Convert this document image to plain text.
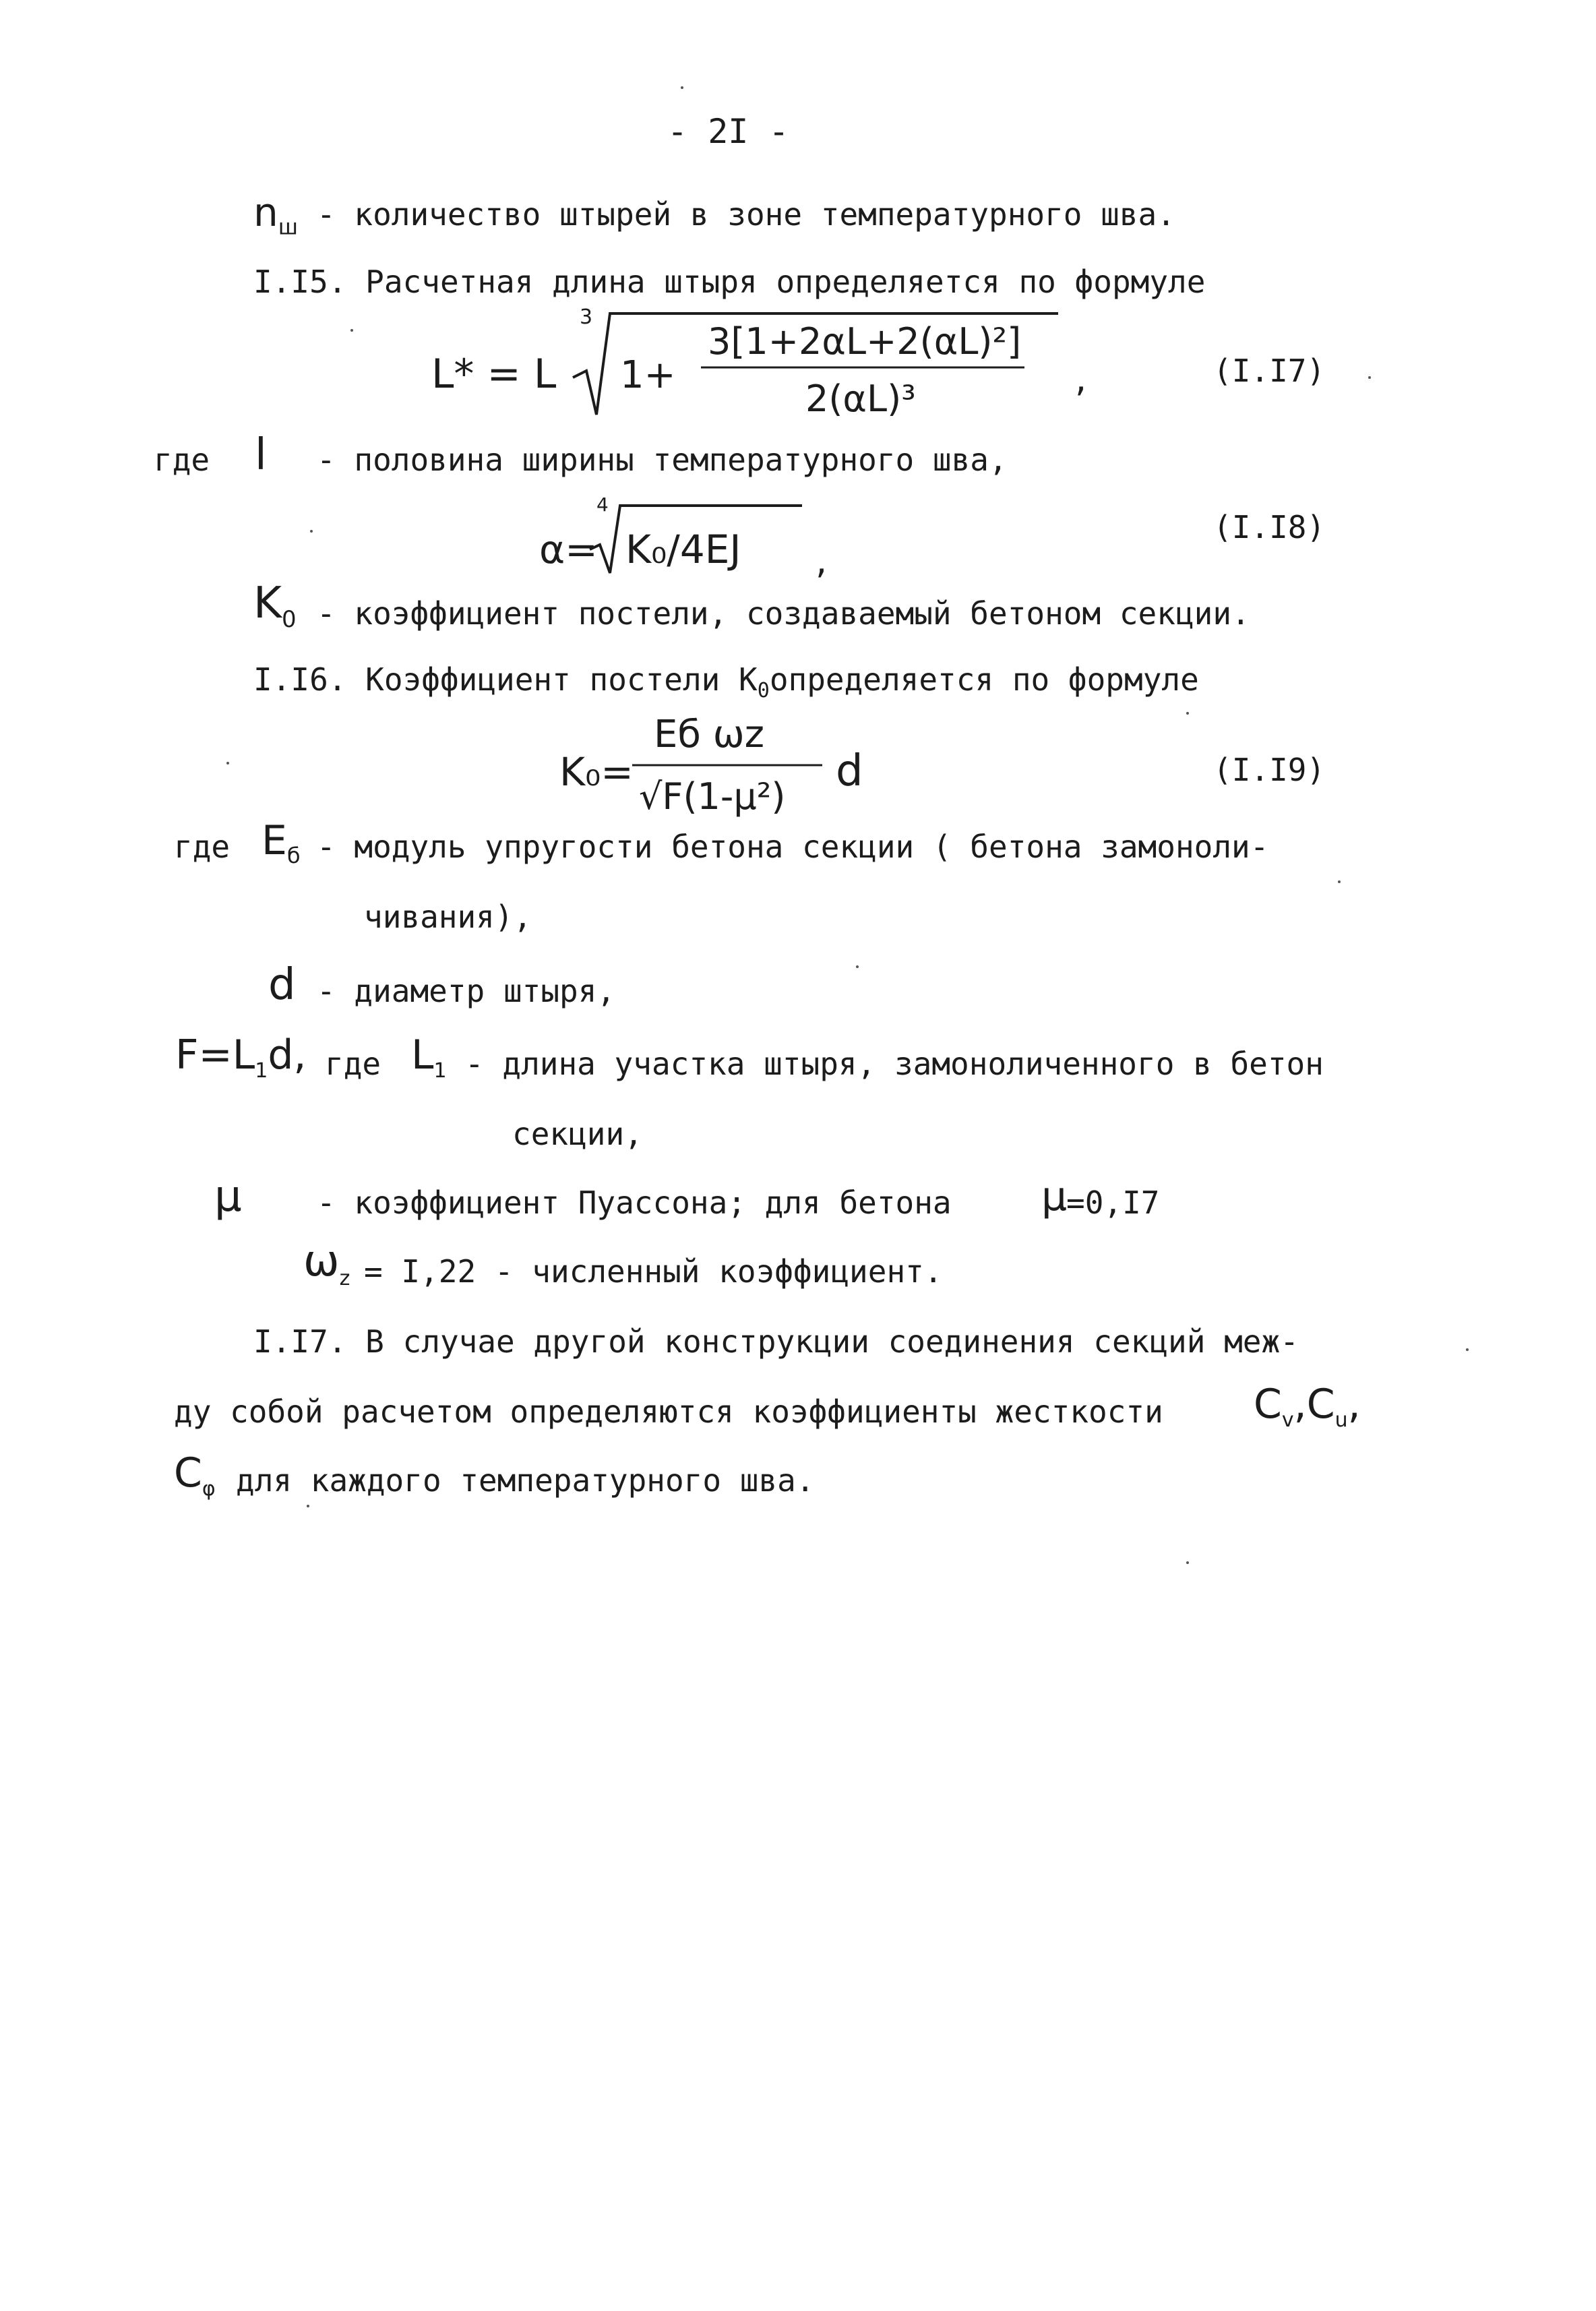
- 2I -
$n_ш$ - количество штырей в зоне температурного шва.
I.I5. Расчетная длина штыря определяется по формуле
L* = L
3
1+
3[1+2αL+2(αL)²]
2(αL)³	,	(I.I7)
где l - половина ширины температурного шва,
α=
4
K₀/4EJ ,
(I.I8)
$K_0$ - коэффициент постели, создаваемый бетоном секции.
I.I6. Коэффициент постели $K_0определяется$ по формуле
K₀=
Eб ωz
√F(1-μ²)
d	(I.I9)
где $E_б$ - модуль упругости бетона секции ( бетона замоноли-
чивания),
d - диаметр штыря,
$F=L_1d$, где $L_1$ - длина участка штыря, замоноличенного в бетон
секции,
μ - коэффициент Пуассона; для бетона μ
=0,I7
$\omega_z = I,22$ - численный коэффициент.
I.I7. В случае другой конструкции соединения секций меж-
ду собой расчетом определяются коэффициенты жесткости $C_v,C_u$,
$C_\varphi$ для каждого температурного шва.
